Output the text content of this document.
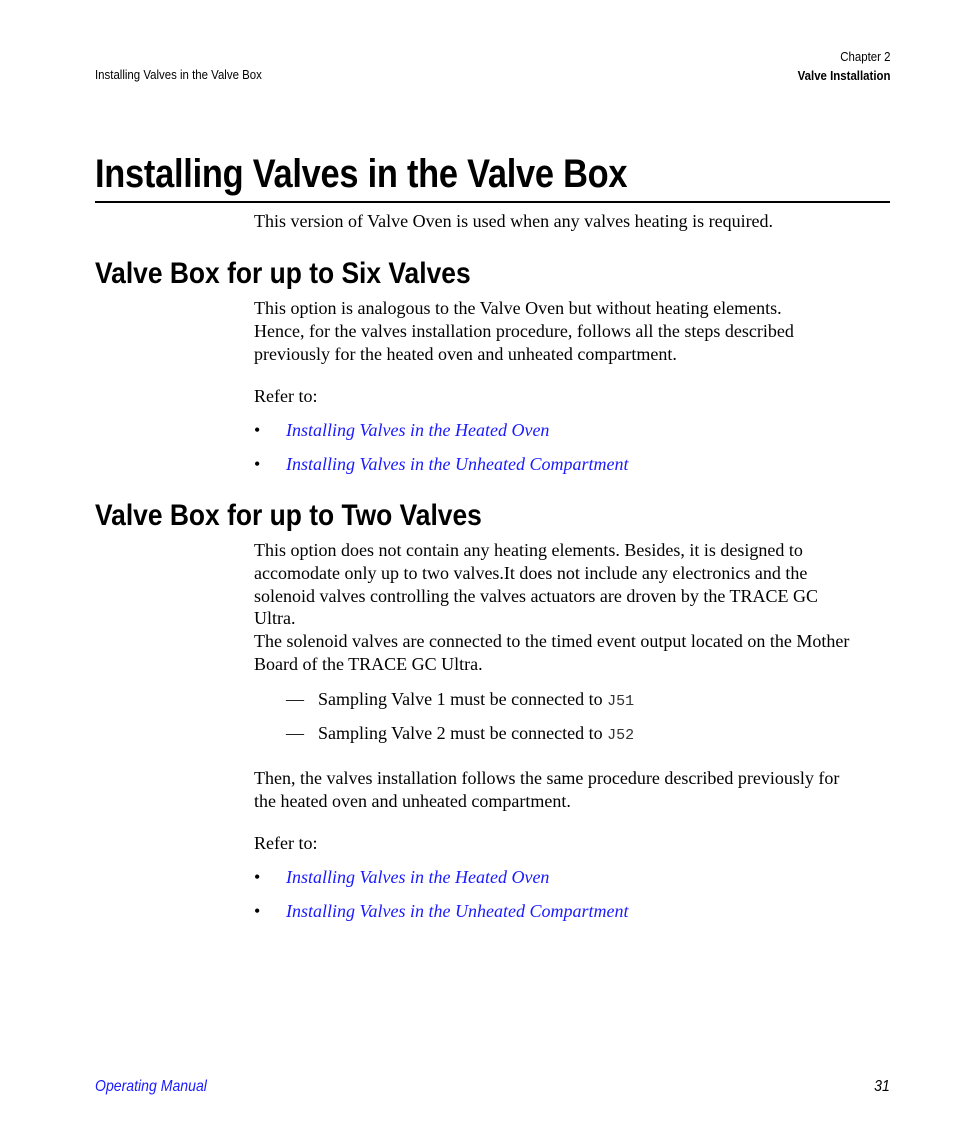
Installing Valves in the Valve Box
Chapter 2
Valve Installation
Installing Valves in the Valve Box

This version of Valve Oven is used when any valves heating is required.

Valve Box for up to Six Valves
This option is analogous to the Valve Oven but without heating elements.
Hence, for the valves installation procedure, follows all the steps described
previously for the heated oven and unheated compartment.

Refer to:

• Installing Valves in the Heated Oven
• Installing Valves in the Unheated Compartment
Valve Box for up to Two Valves
This option does not contain any heating elements. Besides, it is designed to
accomodate only up to two valves.It does not include any electronics and the
solenoid valves controlling the valves actuators are droven by the TRACE GC
Ultra.
The solenoid valves are connected to the timed event output located on the Mother
Board of the TRACE GC Ultra.
— Sampling Valve 1 must be connected to J51
— Sampling Valve 2 must be connected to J52
Then, the valves installation follows the same procedure described previously for
the heated oven and unheated compartment.

Refer to:

• Installing Valves in the Heated Oven
• Installing Valves in the Unheated Compartment
Operating Manual	31
